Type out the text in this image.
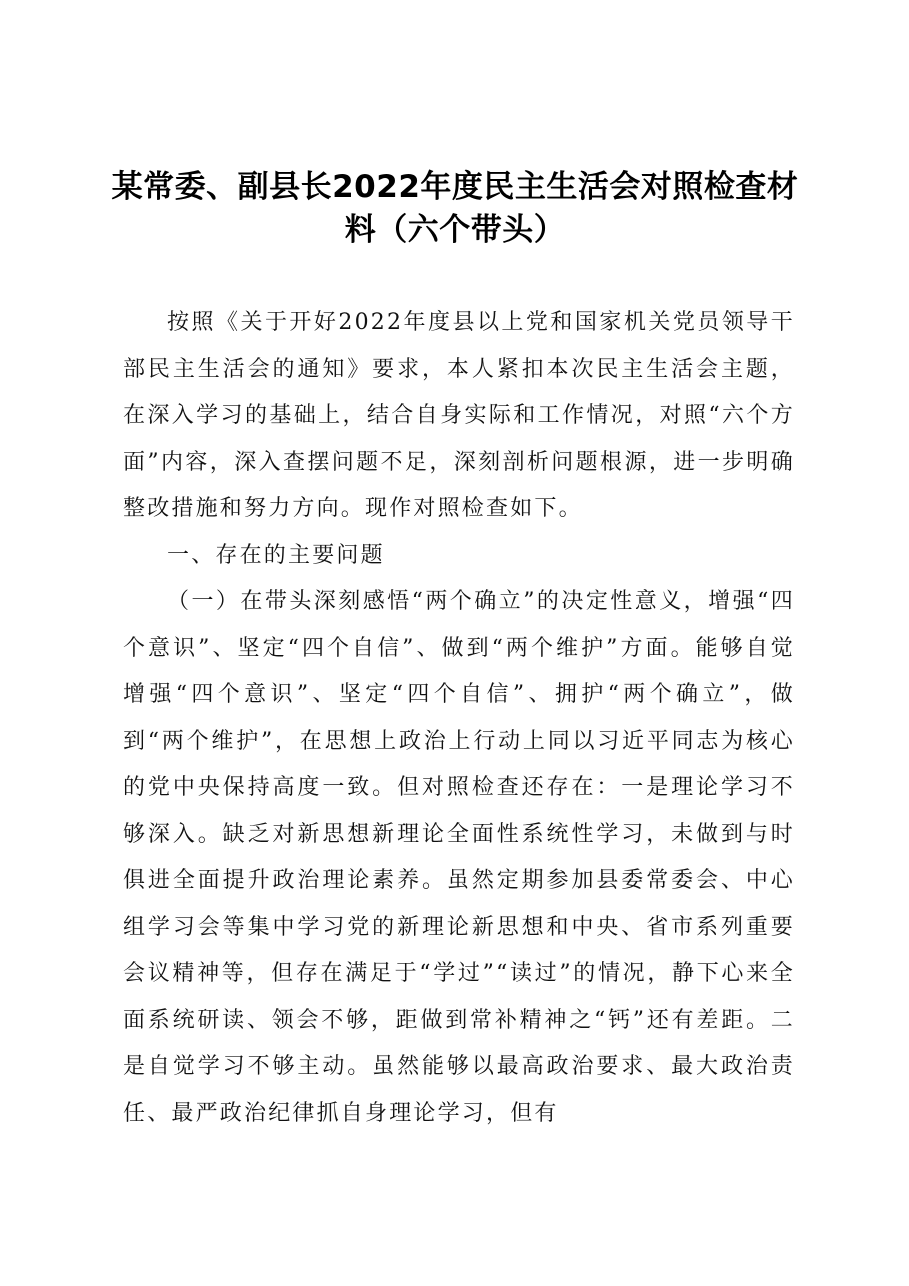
某常委、副县长2022年度民主生活会对照检查材料（六个带头）

按照《关于开好2022年度县以上党和国家机关党员领导干部民主生活会的通知》要求，本人紧扣本次民主生活会主题，在深入学习的基础上，结合自身实际和工作情况，对照“六个方面”内容，深入查摆问题不足，深刻剖析问题根源，进一步明确整改措施和努力方向。现作对照检查如下。

一、存在的主要问题

（一）在带头深刻感悟“两个确立”的决定性意义，增强“四个意识”、坚定“四个自信”、做到“两个维护”方面。能够自觉增强“四个意识”、坚定“四个自信”、拥护“两个确立”，做到“两个维护”，在思想上政治上行动上同以习近平同志为核心的党中央保持高度一致。但对照检查还存在：一是理论学习不够深入。缺乏对新思想新理论全面性系统性学习，未做到与时俱进全面提升政治理论素养。虽然定期参加县委常委会、中心组学习会等集中学习党的新理论新思想和中央、省市系列重要会议精神等，但存在满足于“学过”“读过”的情况，静下心来全面系统研读、领会不够，距做到常补精神之“钙”还有差距。二是自觉学习不够主动。虽然能够以最高政治要求、最大政治责任、最严政治纪律抓自身理论学习，但有
